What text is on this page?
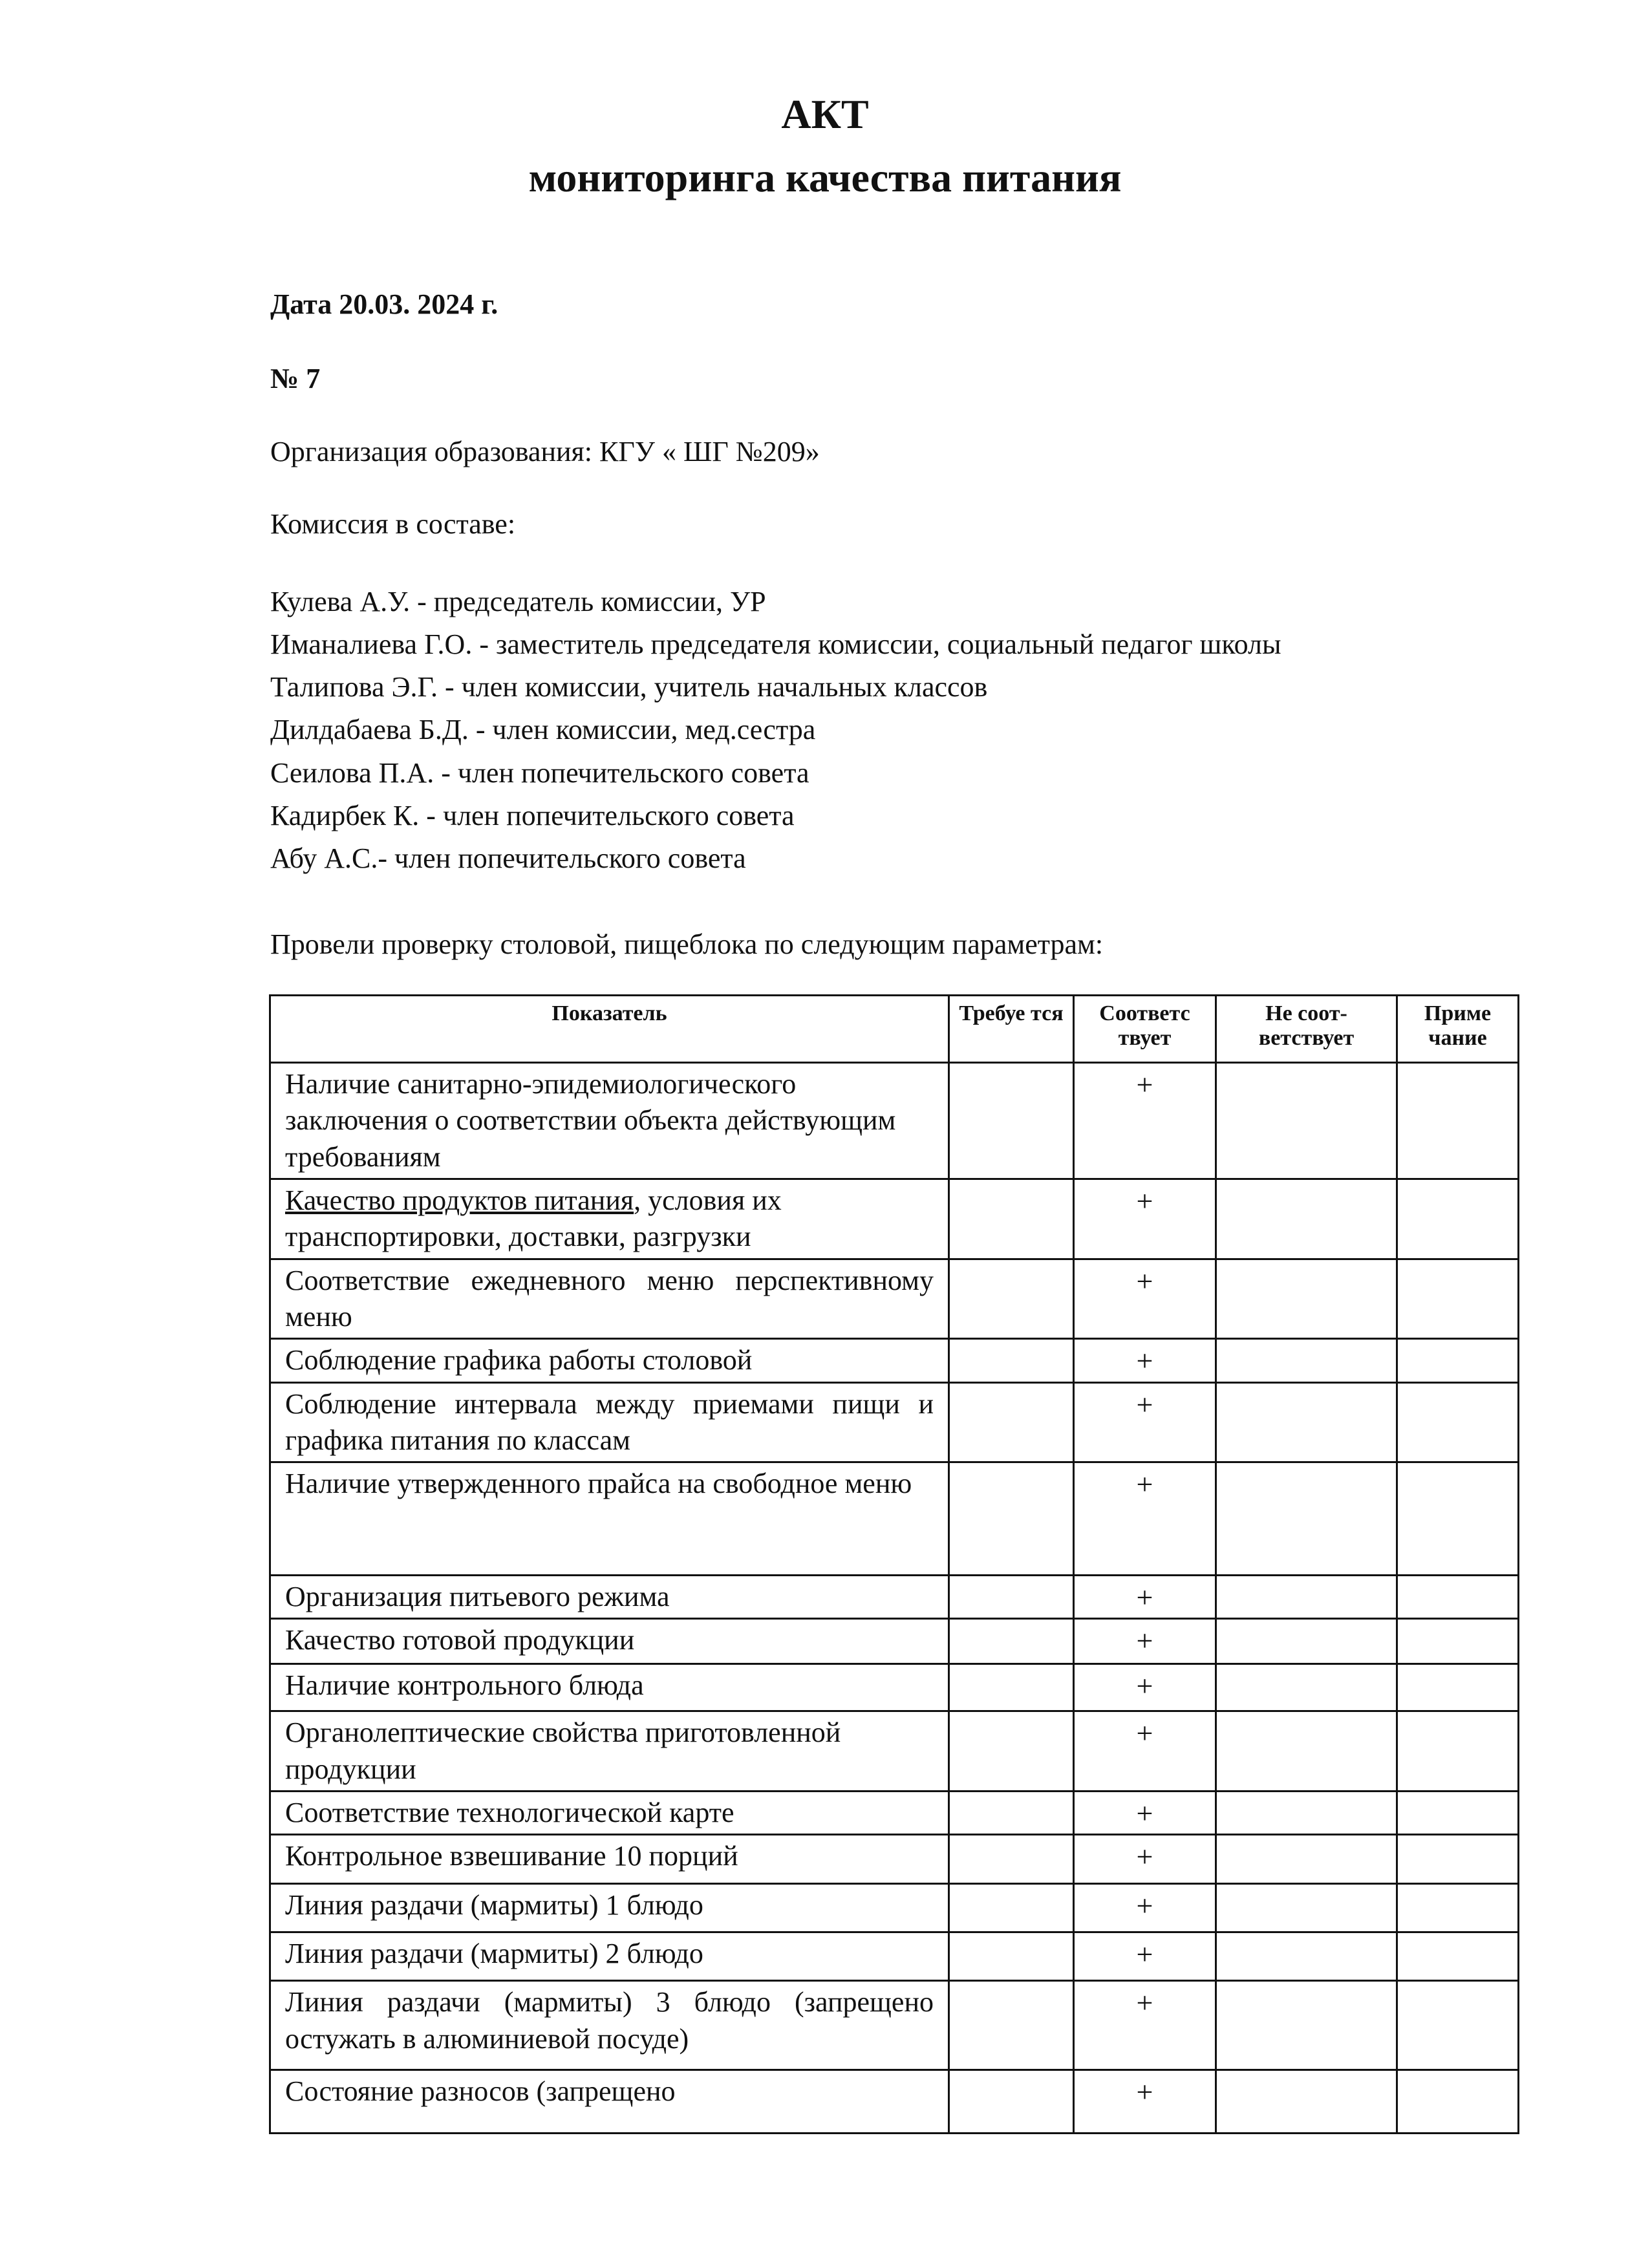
АКТ
мониторинга качества питания
Дата 20.03. 2024 г.
№ 7
Организация образования: КГУ « ШГ №209»
Комиссия в составе:
Кулева А.У. - председатель комиссии, УР
Иманалиева Г.О. - заместитель председателя комиссии, социальный педагог школы
Талипова Э.Г. - член комиссии, учитель начальных классов
Дилдабаева Б.Д. - член комиссии, мед.сестра
Сеилова П.А. - член попечительского совета
Кадирбек К. - член попечительского совета
Абу А.С.- член попечительского совета
Провели проверку столовой, пищеблока по следующим параметрам:
Показатель	Требуе тся	Соответс твует	Не соот- ветствует	Приме чание
Наличие санитарно-эпидемиологического заключения о соответствии объекта действующим требованиям		+		
Качество продуктов питания, условия их транспортировки, доставки, разгрузки		+		
Соответствие ежедневного меню перспективному меню		+		
Соблюдение графика работы столовой		+		
Соблюдение интервала между приемами пищи и графика питания по классам		+		
Наличие утвержденного прайса на свободное меню		+		
Организация питьевого режима		+		
Качество готовой продукции		+		
Наличие контрольного блюда		+		
Органолептические свойства приготовленной продукции		+		
Соответствие технологической карте		+		
Контрольное взвешивание 10 порций		+		
Линия раздачи (мармиты) 1 блюдо		+		
Линия раздачи (мармиты) 2 блюдо		+		
Линия раздачи (мармиты) 3 блюдо (запрещено остужать в алюминиевой посуде)		+		
Состояние разносов (запрещено		+		
